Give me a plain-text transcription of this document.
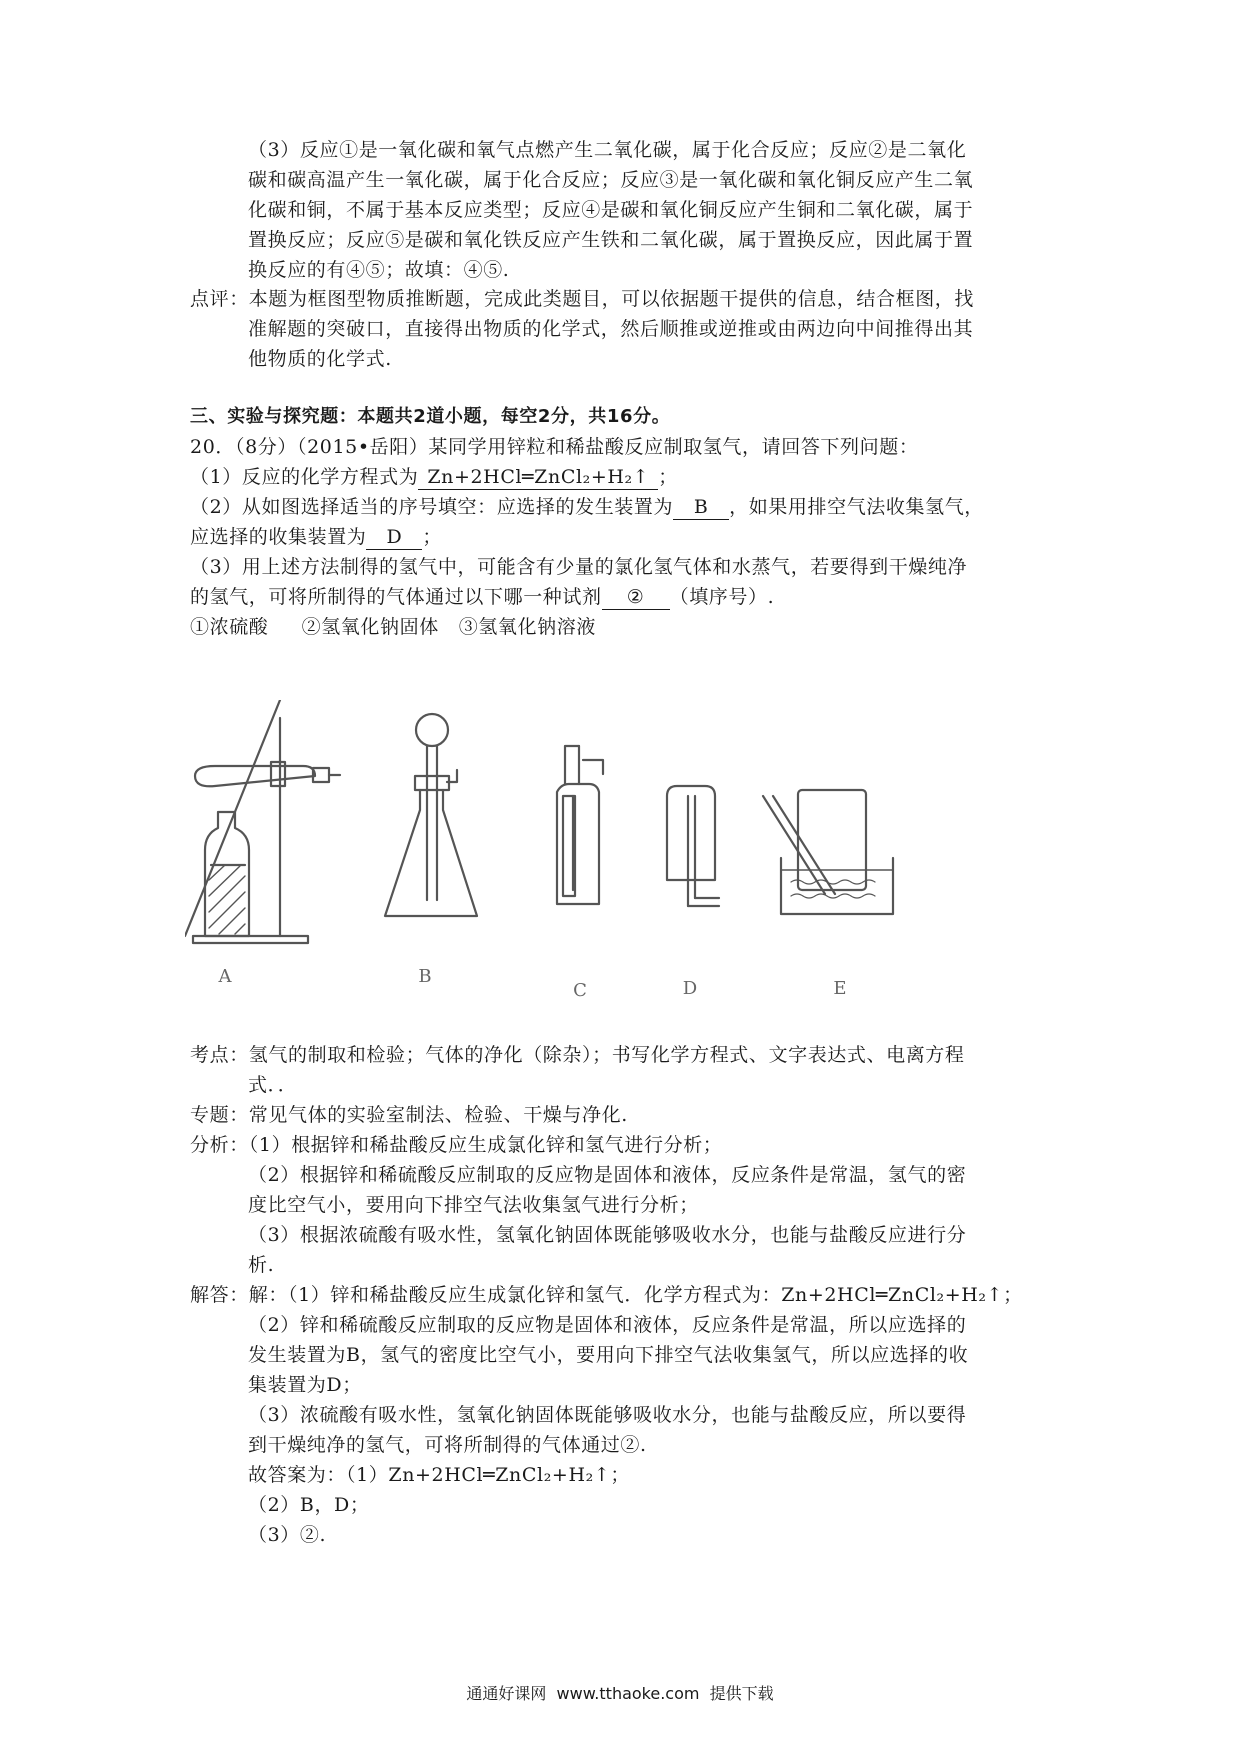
（3）反应①是一氧化碳和氧气点燃产生二氧化碳，属于化合反应；反应②是二氧化
碳和碳高温产生一氧化碳，属于化合反应；反应③是一氧化碳和氧化铜反应产生二氧
化碳和铜，不属于基本反应类型；反应④是碳和氧化铜反应产生铜和二氧化碳，属于
置换反应；反应⑤是碳和氧化铁反应产生铁和二氧化碳，属于置换反应，因此属于置
换反应的有④⑤；故填：④⑤.
点评：本题为框图型物质推断题，完成此类题目，可以依据题干提供的信息，结合框图，找
准解题的突破口，直接得出物质的化学式，然后顺推或逆推或由两边向中间推得出其
他物质的化学式.
三、实验与探究题：本题共2道小题，每空2分，共16分。
20．（8分）（2015•岳阳）某同学用锌粒和稀盐酸反应制取氢气，请回答下列问题：
（1）反应的化学方程式为 Zn+2HCl═ZnCl₂+H₂↑ ；
（2）从如图选择适当的序号填空：应选择的发生装置为 B ，如果用排空气法收集氢气，
应选择的收集装置为 D ；
（3）用上述方法制得的氢气中，可能含有少量的氯化氢气体和水蒸气，若要得到干燥纯净
的氢气，可将所制得的气体通过以下哪一种试剂 ② （填序号）.
①浓硫酸     ②氢氧化钠固体   ③氢氧化钠溶液
A	B
C	D	E
考点：氢气的制取和检验；气体的净化（除杂）；书写化学方程式、文字表达式、电离方程
式．．
专题：常见气体的实验室制法、检验、干燥与净化.
分析：（1）根据锌和稀盐酸反应生成氯化锌和氢气进行分析；
（2）根据锌和稀硫酸反应制取的反应物是固体和液体，反应条件是常温，氢气的密
度比空气小，要用向下排空气法收集氢气进行分析；
（3）根据浓硫酸有吸水性，氢氧化钠固体既能够吸收水分，也能与盐酸反应进行分
析.
解答：解：（1）锌和稀盐酸反应生成氯化锌和氢气．化学方程式为：Zn+2HCl═ZnCl₂+H₂↑；
（2）锌和稀硫酸反应制取的反应物是固体和液体，反应条件是常温，所以应选择的
发生装置为B，氢气的密度比空气小，要用向下排空气法收集氢气，所以应选择的收
集装置为D；
（3）浓硫酸有吸水性，氢氧化钠固体既能够吸收水分，也能与盐酸反应，所以要得
到干燥纯净的氢气，可将所制得的气体通过②.
故答案为：（1）Zn+2HCl═ZnCl₂+H₂↑；
（2）B，D；
（3）②.
通通好课网  www.tthaoke.com  提供下载
